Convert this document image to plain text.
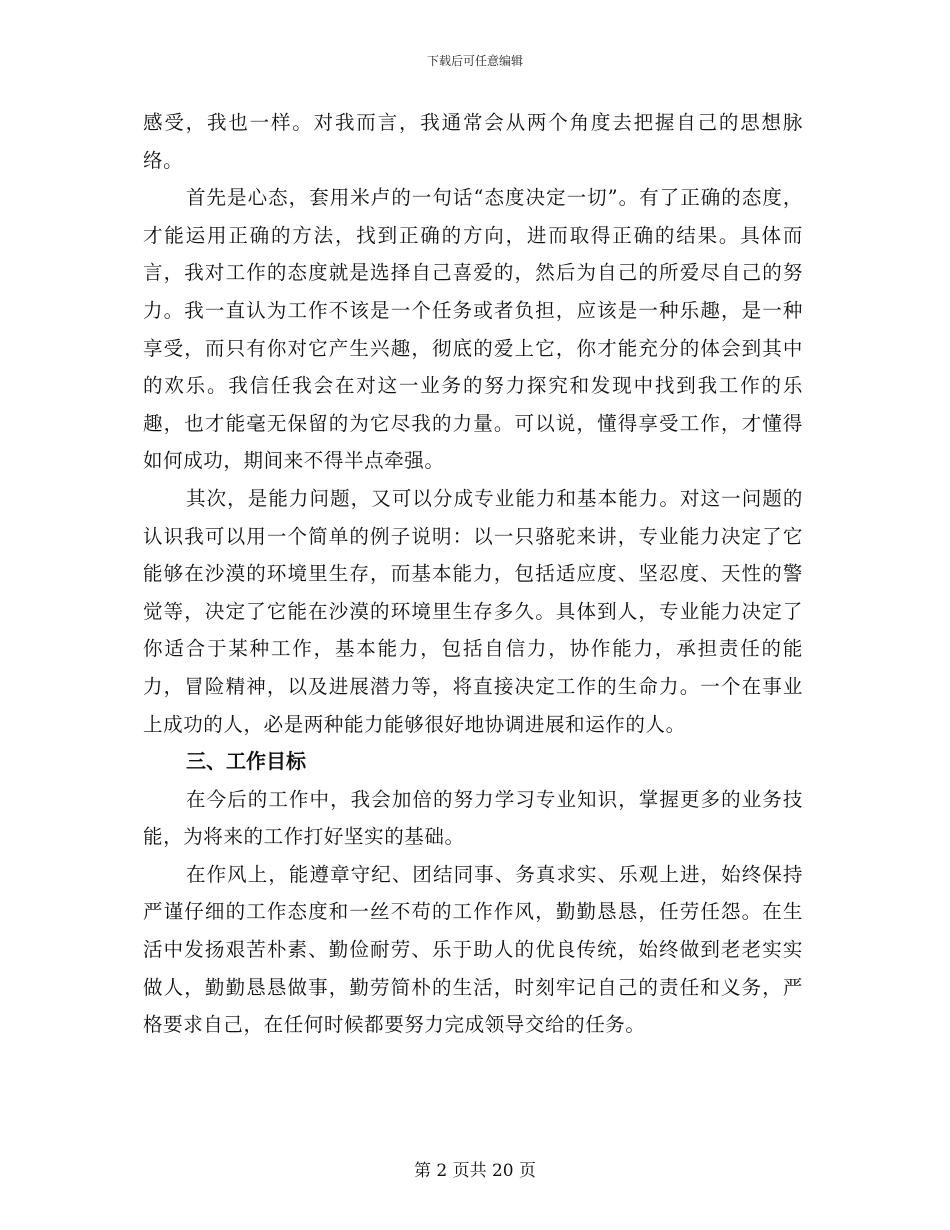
下载后可任意编辑

感受，我也一样。对我而言，我通常会从两个角度去把握自己的思想脉络。

首先是心态，套用米卢的一句话“态度决定一切”。有了正确的态度，才能运用正确的方法，找到正确的方向，进而取得正确的结果。具体而言，我对工作的态度就是选择自己喜爱的，然后为自己的所爱尽自己的努力。我一直认为工作不该是一个任务或者负担，应该是一种乐趣，是一种享受，而只有你对它产生兴趣，彻底的爱上它，你才能充分的体会到其中的欢乐。我信任我会在对这一业务的努力探究和发现中找到我工作的乐趣，也才能毫无保留的为它尽我的力量。可以说，懂得享受工作，才懂得如何成功，期间来不得半点牵强。

其次，是能力问题，又可以分成专业能力和基本能力。对这一问题的认识我可以用一个简单的例子说明：以一只骆驼来讲，专业能力决定了它能够在沙漠的环境里生存，而基本能力，包括适应度、坚忍度、天性的警觉等，决定了它能在沙漠的环境里生存多久。具体到人，专业能力决定了你适合于某种工作，基本能力，包括自信力，协作能力，承担责任的能力，冒险精神，以及进展潜力等，将直接决定工作的生命力。一个在事业上成功的人，必是两种能力能够很好地协调进展和运作的人。

三、工作目标

在今后的工作中，我会加倍的努力学习专业知识，掌握更多的业务技能，为将来的工作打好坚实的基础。

在作风上，能遵章守纪、团结同事、务真求实、乐观上进，始终保持严谨仔细的工作态度和一丝不苟的工作作风，勤勤恳恳，任劳任怨。在生活中发扬艰苦朴素、勤俭耐劳、乐于助人的优良传统，始终做到老老实实做人，勤勤恳恳做事，勤劳简朴的生活，时刻牢记自己的责任和义务，严格要求自己，在任何时候都要努力完成领导交给的任务。

第 2 页共 20 页
